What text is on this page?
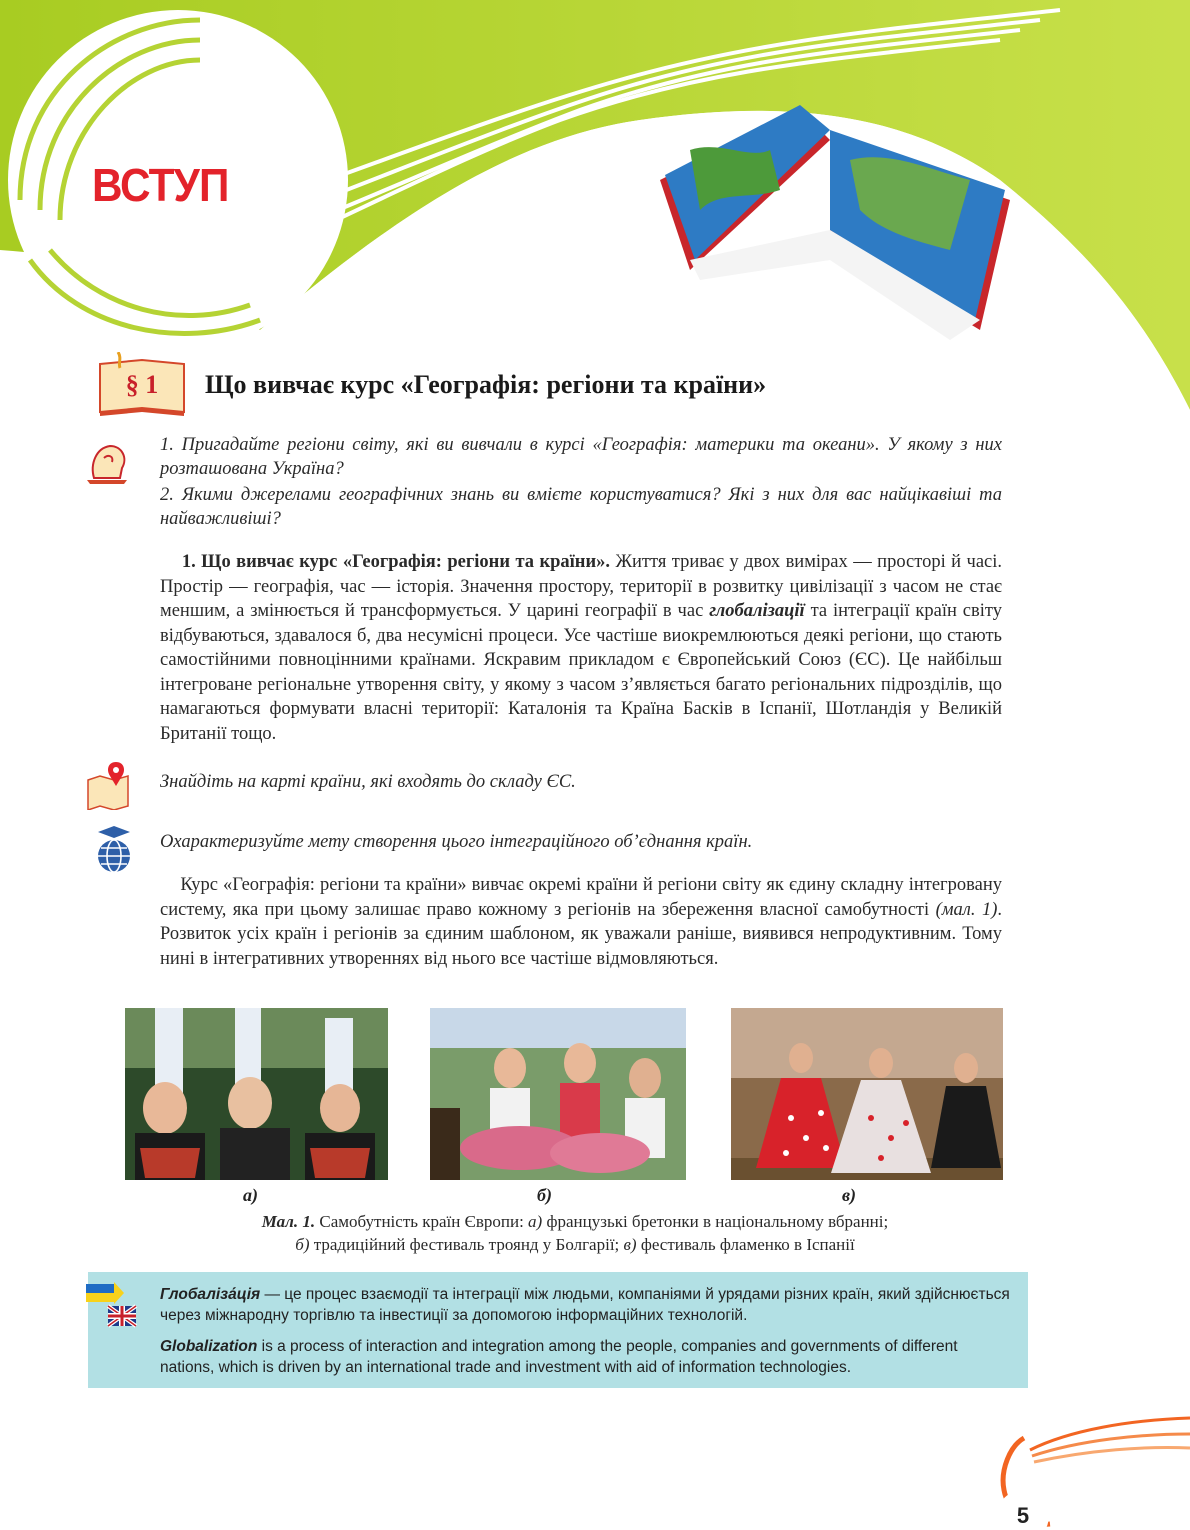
ВСТУП
§ 1	Що вивчає курс «Географія: регіони та країни»
1. Пригадайте регіони світу, які ви вивчали в курсі «Географія: материки та океани». У якому з них розташована Україна?
2. Якими джерелами географічних знань ви вмієте користуватися? Які з них для вас найцікавіші та найважливіші?

1. Що вивчає курс «Географія: регіони та країни». Життя триває у двох вимірах — просторі й часі. Простір — географія, час — історія. Значення простору, території в розвитку цивілізації з часом не стає меншим, а змінюється й трансформується. У царині географії в час глобалізації та інтеграції країн світу відбуваються, здавалося б, два несумісні процеси. Усе частіше виокремлюються деякі регіони, що стають самостійними повноцінними країнами. Яскравим прикладом є Європейський Союз (ЄС). Це найбільш інтегроване регіональне утворення світу, у якому з часом з’являється багато регіональних підрозділів, що намагаються формувати власні території: Каталонія та Країна Басків в Іспанії, Шотландія у Великій Британії тощо.

Знайдіть на карті країни, які входять до складу ЄС.
Охарактеризуйте мету створення цього інтеграційного об’єднання країн.

Курс «Географія: регіони та країни» вивчає окремі країни й регіони світу як єдину складну інтегровану систему, яка при цьому залишає право кожному з регіонів на збереження власної самобутності (мал. 1). Розвиток усіх країн і регіонів за єдиним шаблоном, як уважали раніше, виявився непродуктивним. Тому нині в інтегративних утвореннях від нього все частіше відмовляються.

а)	б)	в)
Мал. 1. Самобутність країн Європи: а) французькі бретонки в національному вбранні;
б) традиційний фестиваль троянд у Болгарії; в) фестиваль фламенко в Іспанії
Глобаліза́ція — це процес взаємодії та інтеграції між людьми, компаніями й урядами різних країн, який здійснюється через міжнародну торгівлю та інвестиції за допомогою інформаційних технологій.
Globalization is a process of interaction and integration among the people, companies and governments of different nations, which is driven by an international trade and investment with aid of information technologies.
5
